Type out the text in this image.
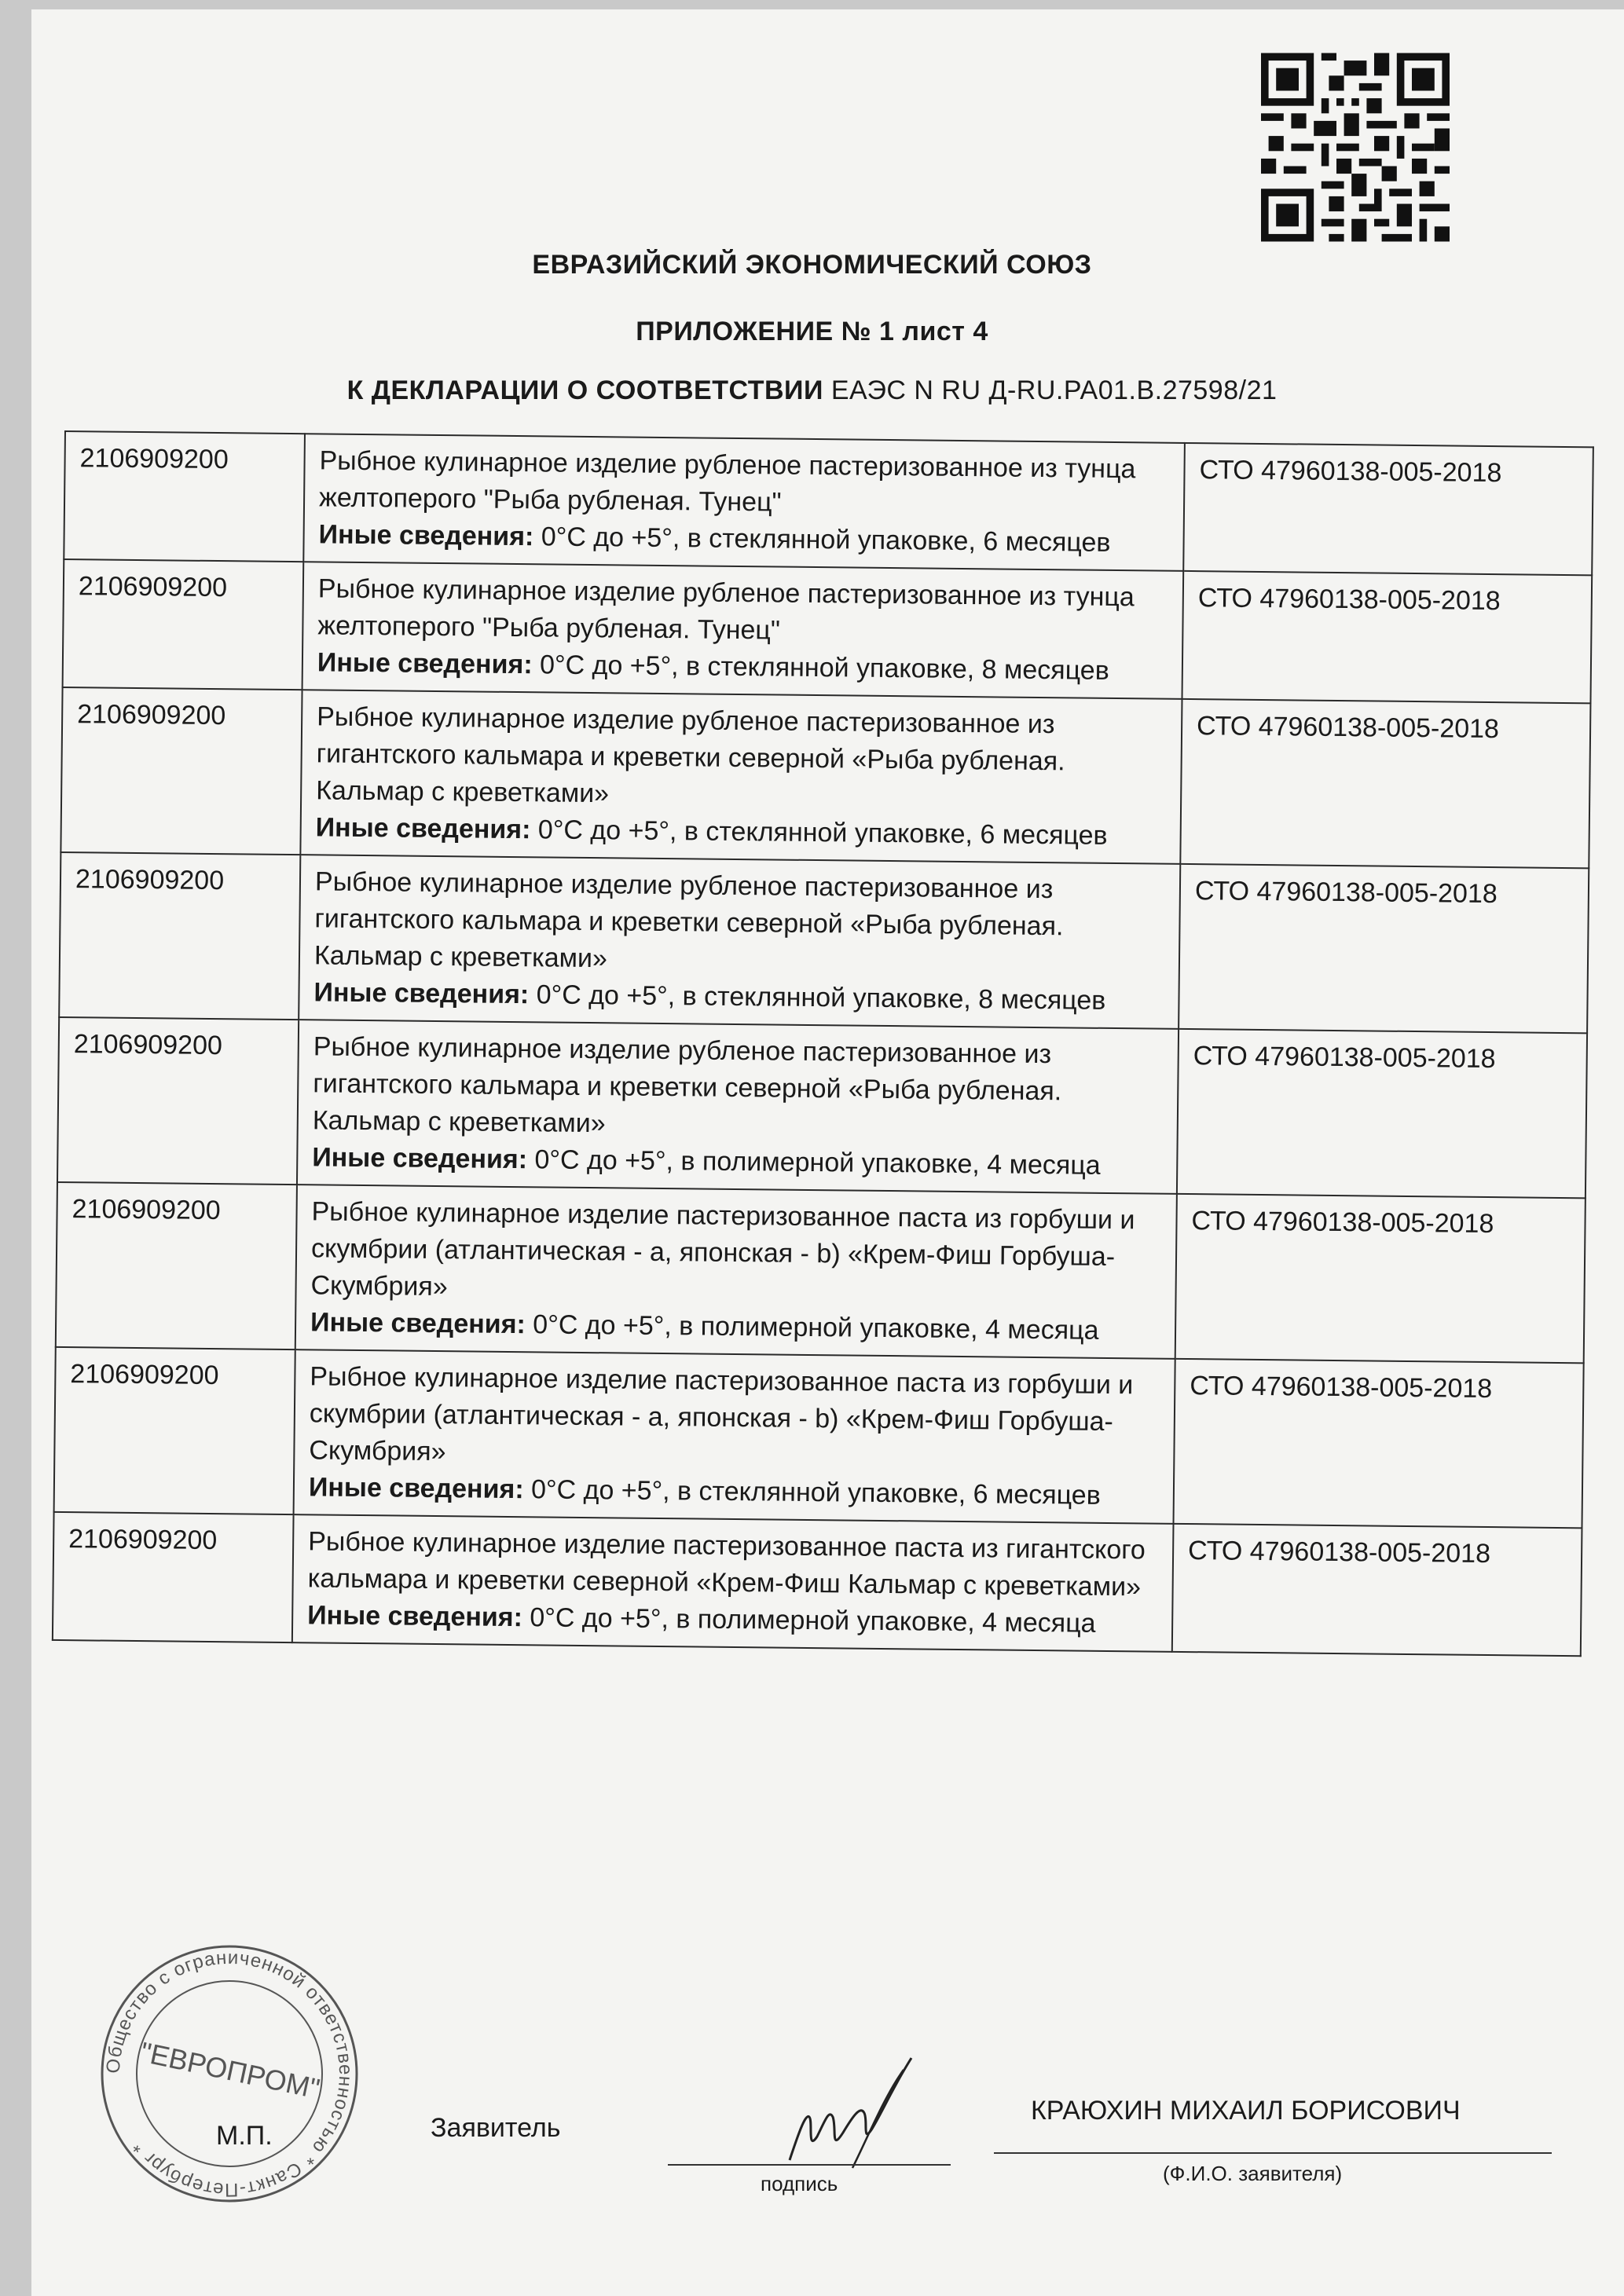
ЕВРАЗИЙСКИЙ ЭКОНОМИЧЕСКИЙ СОЮЗ
ПРИЛОЖЕНИЕ № 1 лист 4
К ДЕКЛАРАЦИИ О СООТВЕТСТВИИ ЕАЭС N RU Д-RU.PA01.B.27598/21
2106909200	Рыбное кулинарное изделие рубленое пастеризованное из тунца желтоперого "Рыба рубленая. Тунец"
Иные сведения: 0°С до +5°, в стеклянной упаковке, 6 месяцев	СТО 47960138-005-2018
2106909200	Рыбное кулинарное изделие рубленое пастеризованное из тунца желтоперого "Рыба рубленая. Тунец"
Иные сведения: 0°С до +5°, в стеклянной упаковке, 8 месяцев	СТО 47960138-005-2018
2106909200	Рыбное кулинарное изделие рубленое пастеризованное из гигантского кальмара и креветки северной «Рыба рубленая. Кальмар с креветками»
Иные сведения: 0°С до +5°, в стеклянной упаковке, 6 месяцев	СТО 47960138-005-2018
2106909200	Рыбное кулинарное изделие рубленое пастеризованное из гигантского кальмара и креветки северной «Рыба рубленая. Кальмар с креветками»
Иные сведения: 0°С до +5°, в стеклянной упаковке, 8 месяцев	СТО 47960138-005-2018
2106909200	Рыбное кулинарное изделие рубленое пастеризованное из гигантского кальмара и креветки северной «Рыба рубленая. Кальмар с креветками»
Иные сведения: 0°С до +5°, в полимерной упаковке, 4 месяца	СТО 47960138-005-2018
2106909200	Рыбное кулинарное изделие пастеризованное паста из горбуши и скумбрии (атлантическая - a, японская - b) «Крем-Фиш Горбуша-Скумбрия»
Иные сведения: 0°С до +5°, в полимерной упаковке, 4 месяца	СТО 47960138-005-2018
2106909200	Рыбное кулинарное изделие пастеризованное паста из горбуши и скумбрии (атлантическая - a, японская - b) «Крем-Фиш Горбуша-Скумбрия»
Иные сведения: 0°С до +5°, в стеклянной упаковке, 6 месяцев	СТО 47960138-005-2018
2106909200	Рыбное кулинарное изделие пастеризованное паста из гигантского кальмара и креветки северной «Крем-Фиш Кальмар с креветками»
Иные сведения: 0°С до +5°, в полимерной упаковке, 4 месяца	СТО 47960138-005-2018
Общество с ограниченной ответственностью * Санкт-Петербург *
"ЕВРОПРОМ"
М.П.	Заявитель
подпись
КРАЮХИН МИХАИЛ БОРИСОВИЧ
(Ф.И.О. заявителя)
